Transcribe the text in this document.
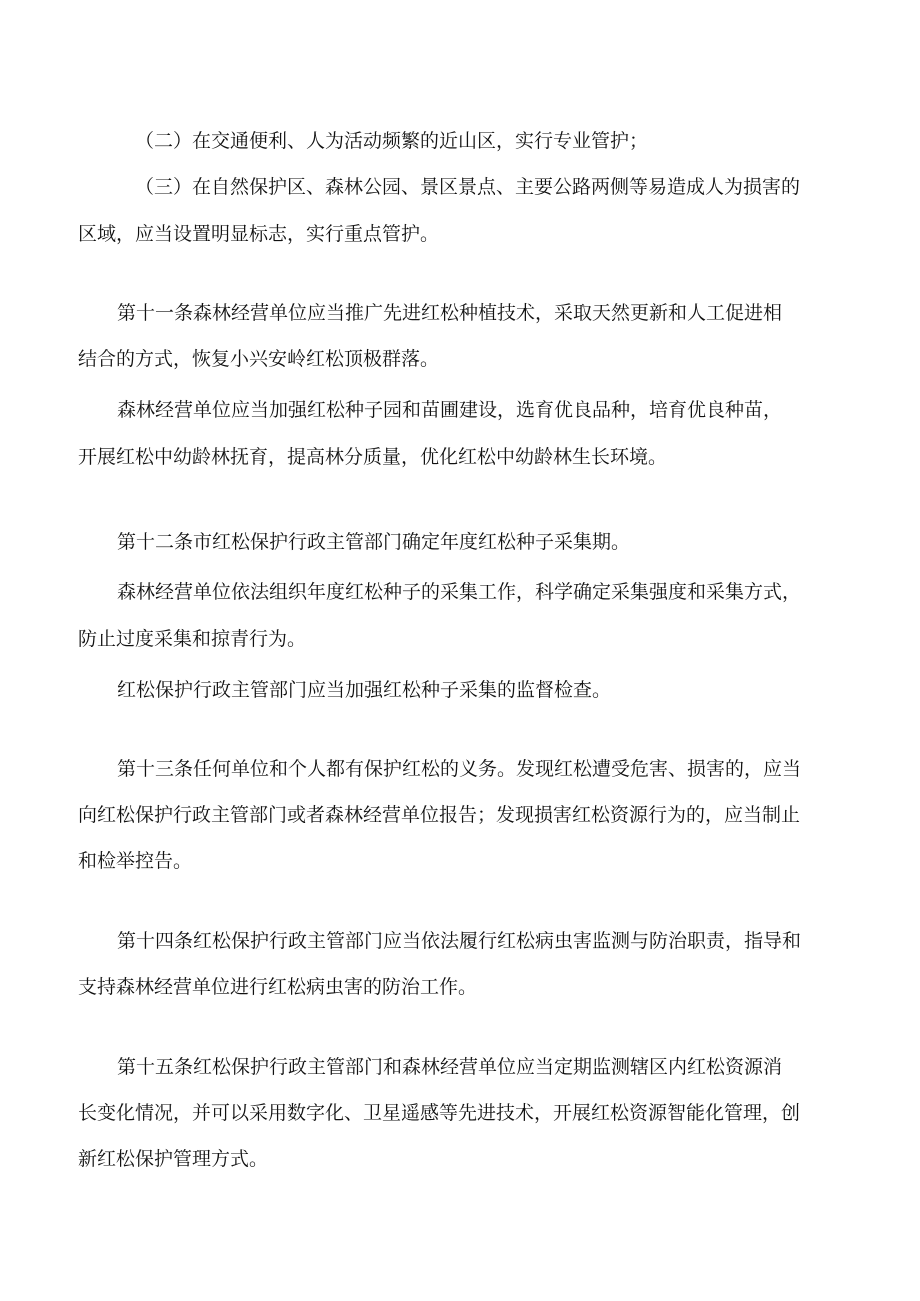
（二）在交通便利、人为活动频繁的近山区，实行专业管护；
（三）在自然保护区、森林公园、景区景点、主要公路两侧等易造成人为损害的
区域，应当设置明显标志，实行重点管护。
第十一条森林经营单位应当推广先进红松种植技术，采取天然更新和人工促进相
结合的方式，恢复小兴安岭红松顶极群落。
森林经营单位应当加强红松种子园和苗圃建设，选育优良品种，培育优良种苗，
开展红松中幼龄林抚育，提高林分质量，优化红松中幼龄林生长环境。
第十二条市红松保护行政主管部门确定年度红松种子采集期。
森林经营单位依法组织年度红松种子的采集工作，科学确定采集强度和采集方式，
防止过度采集和掠青行为。
红松保护行政主管部门应当加强红松种子采集的监督检查。
第十三条任何单位和个人都有保护红松的义务。发现红松遭受危害、损害的，应当
向红松保护行政主管部门或者森林经营单位报告；发现损害红松资源行为的，应当制止
和检举控告。
第十四条红松保护行政主管部门应当依法履行红松病虫害监测与防治职责，指导和
支持森林经营单位进行红松病虫害的防治工作。
第十五条红松保护行政主管部门和森林经营单位应当定期监测辖区内红松资源消
长变化情况，并可以采用数字化、卫星遥感等先进技术，开展红松资源智能化管理，创
新红松保护管理方式。
